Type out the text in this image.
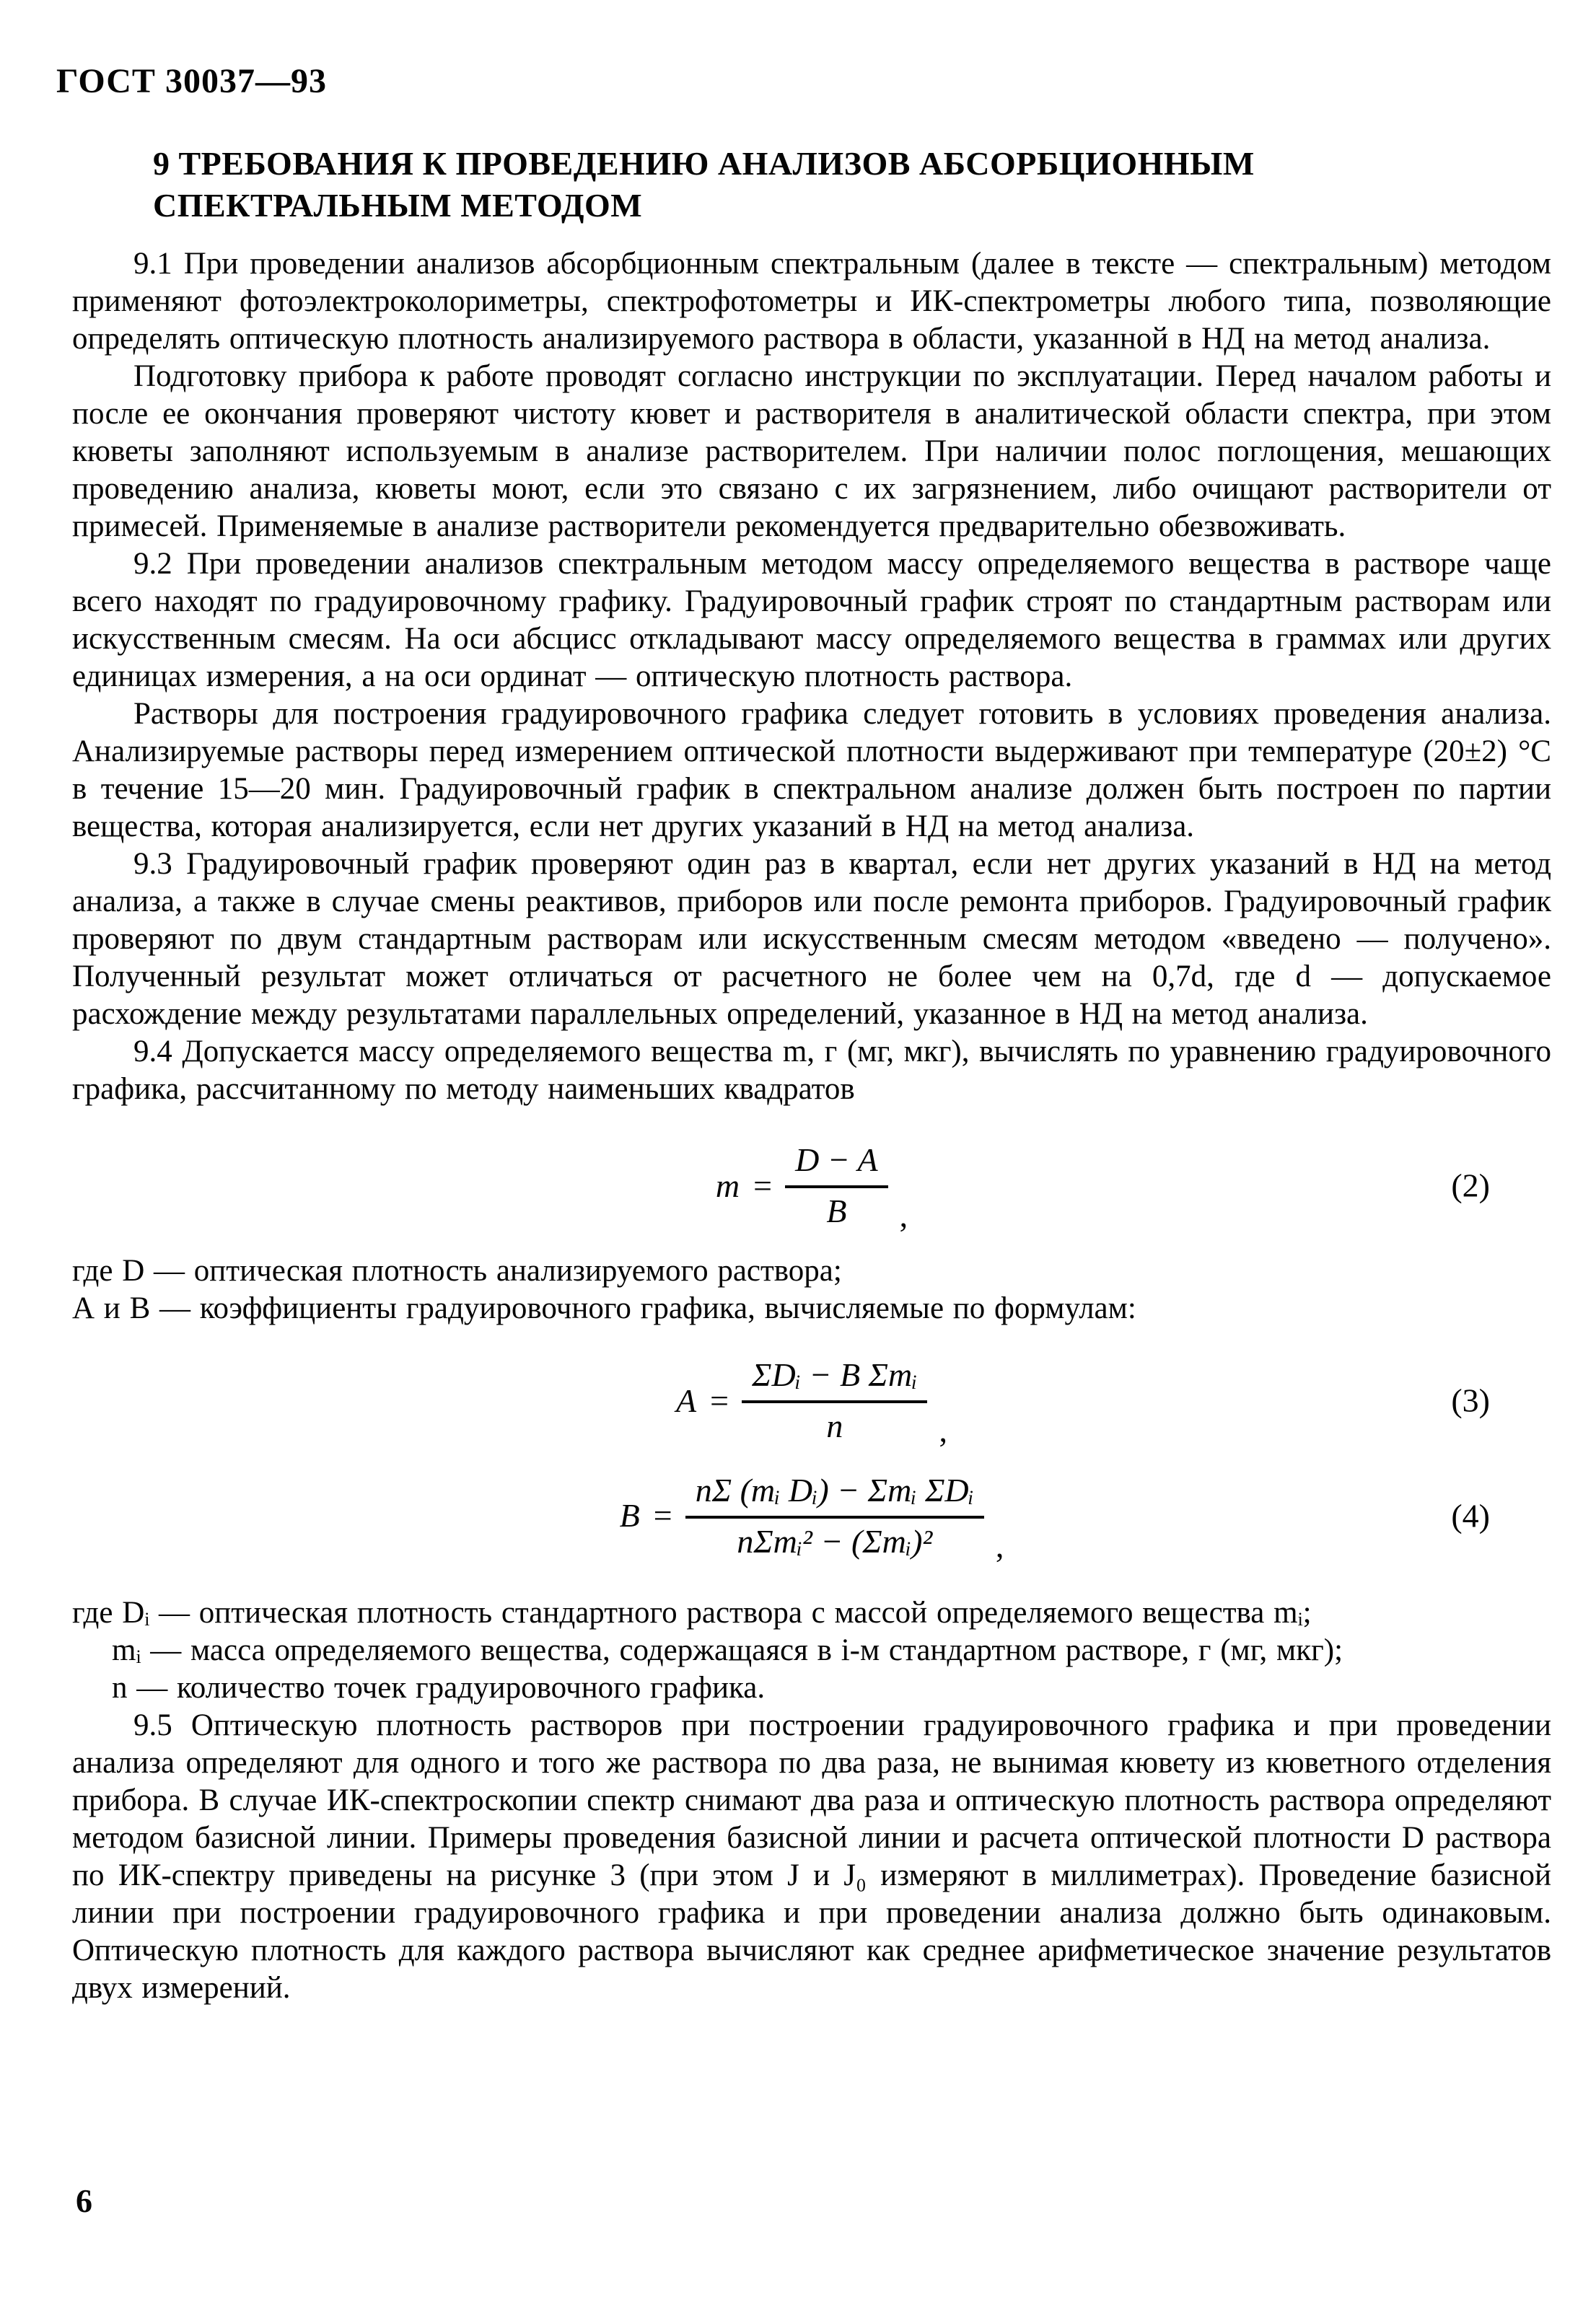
ГОСТ 30037—93
9 ТРЕБОВАНИЯ К ПРОВЕДЕНИЮ АНАЛИЗОВ АБСОРБЦИОННЫМ
СПЕКТРАЛЬНЫМ МЕТОДОМ

9.1 При проведении анализов абсорбционным спектральным (далее в тексте — спектральным) методом применяют фотоэлектроколориметры, спектрофотометры и ИК-спектрометры любого типа, позволяющие определять оптическую плотность анализируемого раствора в области, указанной в НД на метод анализа.

Подготовку прибора к работе проводят согласно инструкции по эксплуатации. Перед началом работы и после ее окончания проверяют чистоту кювет и растворителя в аналитической области спектра, при этом кюветы заполняют используемым в анализе растворителем. При наличии полос поглощения, мешающих проведению анализа, кюветы моют, если это связано с их загрязнением, либо очищают растворители от примесей. Применяемые в анализе растворители рекомендуется предварительно обезвоживать.

9.2 При проведении анализов спектральным методом массу определяемого вещества в растворе чаще всего находят по градуировочному графику. Градуировочный график строят по стандартным растворам или искусственным смесям. На оси абсцисс откладывают массу определяемого вещества в граммах или других единицах измерения, а на оси ординат — оптическую плотность раствора.

Растворы для построения градуировочного графика следует готовить в условиях проведения анализа. Анализируемые растворы перед измерением оптической плотности выдерживают при температуре (20±2) °С в течение 15—20 мин. Градуировочный график в спектральном анализе должен быть построен по партии вещества, которая анализируется, если нет других указаний в НД на метод анализа.

9.3 Градуировочный график проверяют один раз в квартал, если нет других указаний в НД на метод анализа, а также в случае смены реактивов, приборов или после ремонта приборов. Градуировочный график проверяют по двум стандартным растворам или искусственным смесям методом «введено — получено». Полученный результат может отличаться от расчетного не более чем на 0,7d, где d — допускаемое расхождение между результатами параллельных определений, указанное в НД на метод анализа.

9.4 Допускается массу определяемого вещества m, г (мг, мкг), вычислять по уравнению градуировочного графика, рассчитанному по методу наименьших квадратов

$m = \frac{D - A}{B}$ ,
(2)

где D — оптическая плотность анализируемого раствора;

А и В — коэффициенты градуировочного графика, вычисляемые по формулам:

$A = \frac{\text{ΣDᵢ − B Σmᵢ}}{n}$ ,
(3)
$B = \frac{\text{nΣ (mᵢ Dᵢ) − Σmᵢ ΣDᵢ}}{\text{nΣmᵢ² − (Σmᵢ)²}}$ ,
(4)

где Dᵢ — оптическая плотность стандартного раствора с массой определяемого вещества mᵢ;

mᵢ — масса определяемого вещества, содержащаяся в i-м стандартном растворе, г (мг, мкг);

n — количество точек градуировочного графика.

9.5 Оптическую плотность растворов при построении градуировочного графика и при проведении анализа определяют для одного и того же раствора по два раза, не вынимая кювету из кюветного отделения прибора. В случае ИК-спектроскопии спектр снимают два раза и оптическую плотность раствора определяют методом базисной линии. Примеры проведения базисной линии и расчета оптической плотности D раствора по ИК-спектру приведены на рисунке 3 (при этом J и J₀ измеряют в миллиметрах). Проведение базисной линии при построении градуировочного графика и при проведении анализа должно быть одинаковым. Оптическую плотность для каждого раствора вычисляют как среднее арифметическое значение результатов двух измерений.

6
